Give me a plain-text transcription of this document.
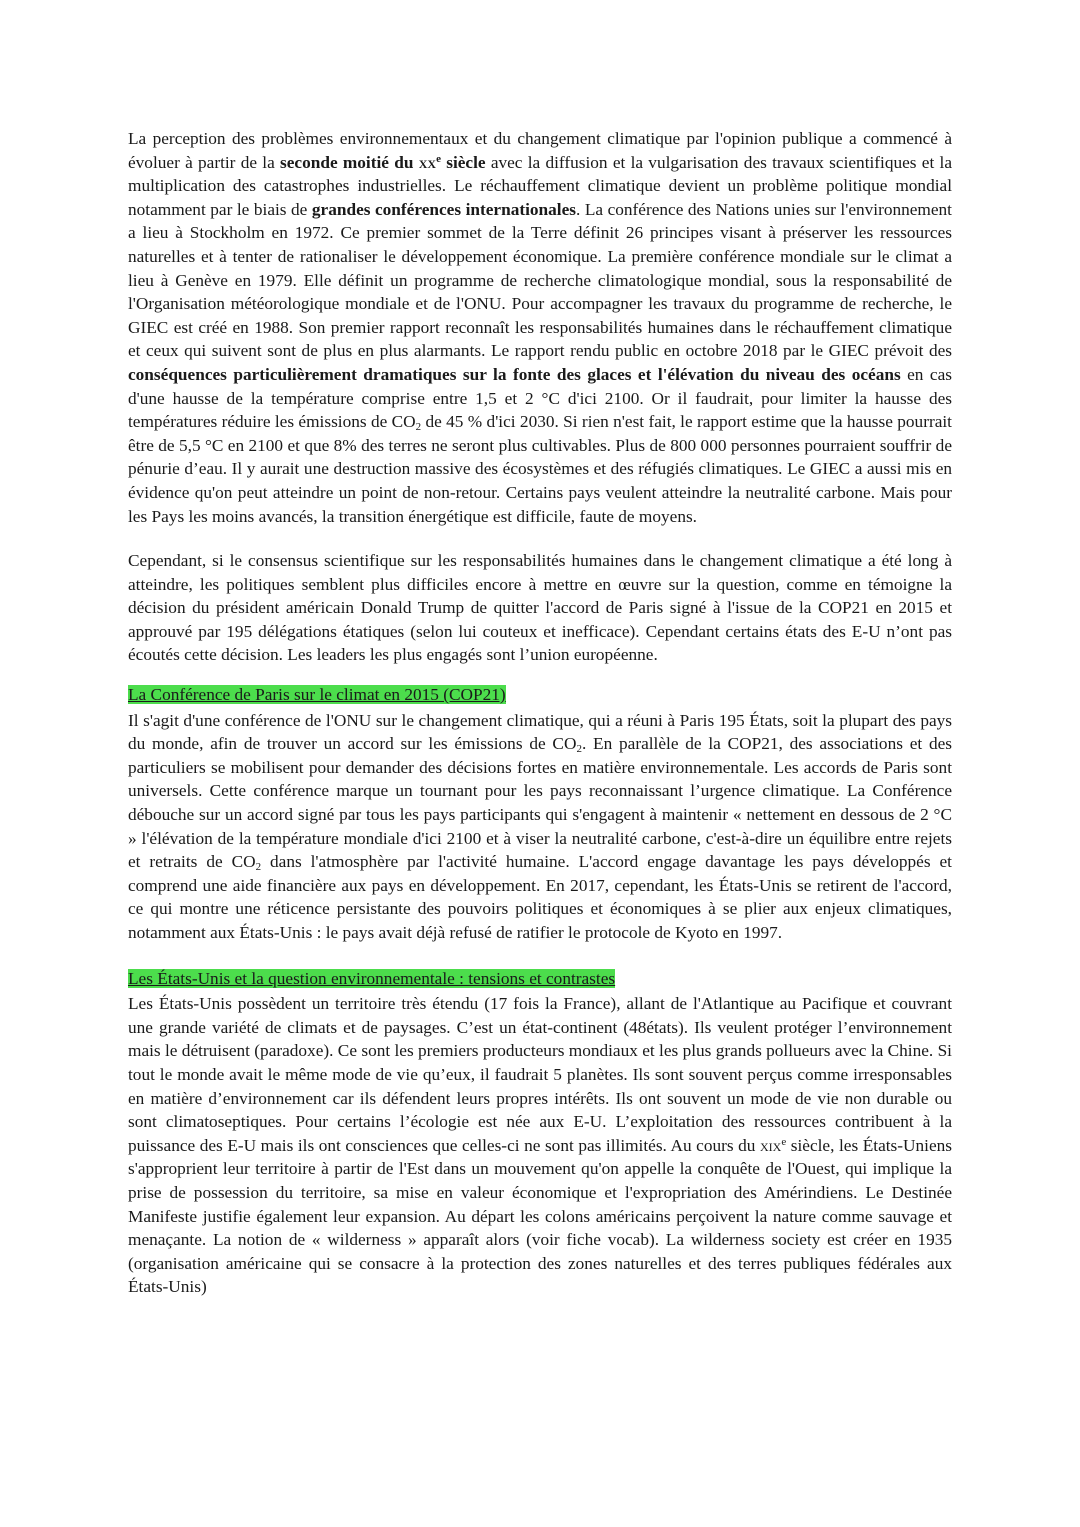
La perception des problèmes environnementaux et du changement climatique par l'opinion publique a commencé à évoluer à partir de la seconde moitié du $xx^e$ siècle avec la diffusion et la vulgarisation des travaux scientifiques et la multiplication des catastrophes industrielles. Le réchauffement climatique devient un problème politique mondial notamment par le biais de grandes conférences internationales. La conférence des Nations unies sur l'environnement a lieu à Stockholm en 1972. Ce premier sommet de la Terre définit 26 principes visant à préserver les ressources naturelles et à tenter de rationaliser le développement économique. La première conférence mondiale sur le climat a lieu à Genève en 1979. Elle définit un programme de recherche climatologique mondial, sous la responsabilité de l'Organisation météorologique mondiale et de l'ONU. Pour accompagner les travaux du programme de recherche, le GIEC est créé en 1988. Son premier rapport reconnaît les responsabilités humaines dans le réchauffement climatique et ceux qui suivent sont de plus en plus alarmants. Le rapport rendu public en octobre 2018 par le GIEC prévoit des conséquences particulièrement dramatiques sur la fonte des glaces et l'élévation du niveau des océans en cas d'une hausse de la température comprise entre 1,5 et 2 °C d'ici 2100. Or il faudrait, pour limiter la hausse des températures réduire les émissions de $CO_2$ de 45 % d'ici 2030. Si rien n'est fait, le rapport estime que la hausse pourrait être de 5,5 °C en 2100 et que 8% des terres ne seront plus cultivables. Plus de 800 000 personnes pourraient souffrir de pénurie d’eau. Il y aurait une destruction massive des écosystèmes et des réfugiés climatiques. Le GIEC a aussi mis en évidence qu'on peut atteindre un point de non-retour. Certains pays veulent atteindre la neutralité carbone. Mais pour les Pays les moins avancés, la transition énergétique est difficile, faute de moyens.

Cependant, si le consensus scientifique sur les responsabilités humaines dans le changement climatique a été long à atteindre, les politiques semblent plus difficiles encore à mettre en œuvre sur la question, comme en témoigne la décision du président américain Donald Trump de quitter l'accord de Paris signé à l'issue de la COP21 en 2015 et approuvé par 195 délégations étatiques (selon lui couteux et inefficace). Cependant certains états des E-U n’ont pas écoutés cette décision. Les leaders les plus engagés sont l’union européenne.

La Conférence de Paris sur le climat en 2015 (COP21)

Il s'agit d'une conférence de l'ONU sur le changement climatique, qui a réuni à Paris 195 États, soit la plupart des pays du monde, afin de trouver un accord sur les émissions de $CO_2$. En parallèle de la COP21, des associations et des particuliers se mobilisent pour demander des décisions fortes en matière environnementale. Les accords de Paris sont universels. Cette conférence marque un tournant pour les pays reconnaissant l’urgence climatique. La Conférence débouche sur un accord signé par tous les pays participants qui s'engagent à maintenir « nettement en dessous de 2 °C » l'élévation de la température mondiale d'ici 2100 et à viser la neutralité carbone, c'est-à-dire un équilibre entre rejets et retraits de $CO_2$ dans l'atmosphère par l'activité humaine. L'accord engage davantage les pays développés et comprend une aide financière aux pays en développement. En 2017, cependant, les États-Unis se retirent de l'accord, ce qui montre une réticence persistante des pouvoirs politiques et économiques à se plier aux enjeux climatiques, notamment aux États-Unis : le pays avait déjà refusé de ratifier le protocole de Kyoto en 1997.

Les États-Unis et la question environnementale : tensions et contrastes

Les États-Unis possèdent un territoire très étendu (17 fois la France), allant de l'Atlantique au Pacifique et couvrant une grande variété de climats et de paysages. C’est un état-continent (48états). Ils veulent protéger l’environnement mais le détruisent (paradoxe). Ce sont les premiers producteurs mondiaux et les plus grands pollueurs avec la Chine. Si tout le monde avait le même mode de vie qu’eux, il faudrait 5 planètes. Ils sont souvent perçus comme irresponsables en matière d’environnement car ils défendent leurs propres intérêts. Ils ont souvent un mode de vie non durable ou sont climatoseptiques. Pour certains l’écologie est née aux E-U. L’exploitation des ressources contribuent à la puissance des E-U mais ils ont consciences que celles-ci ne sont pas illimités. Au cours du xix$^e$ siècle, les États-Uniens s'approprient leur territoire à partir de l'Est dans un mouvement qu'on appelle la conquête de l'Ouest, qui implique la prise de possession du territoire, sa mise en valeur économique et l'expropriation des Amérindiens. Le Destinée Manifeste justifie également leur expansion. Au départ les colons américains perçoivent la nature comme sauvage et menaçante. La notion de « wilderness » apparaît alors (voir fiche vocab). La wilderness society est créer en 1935 (organisation américaine qui se consacre à la protection des zones naturelles et des terres publiques fédérales aux États-Unis)
